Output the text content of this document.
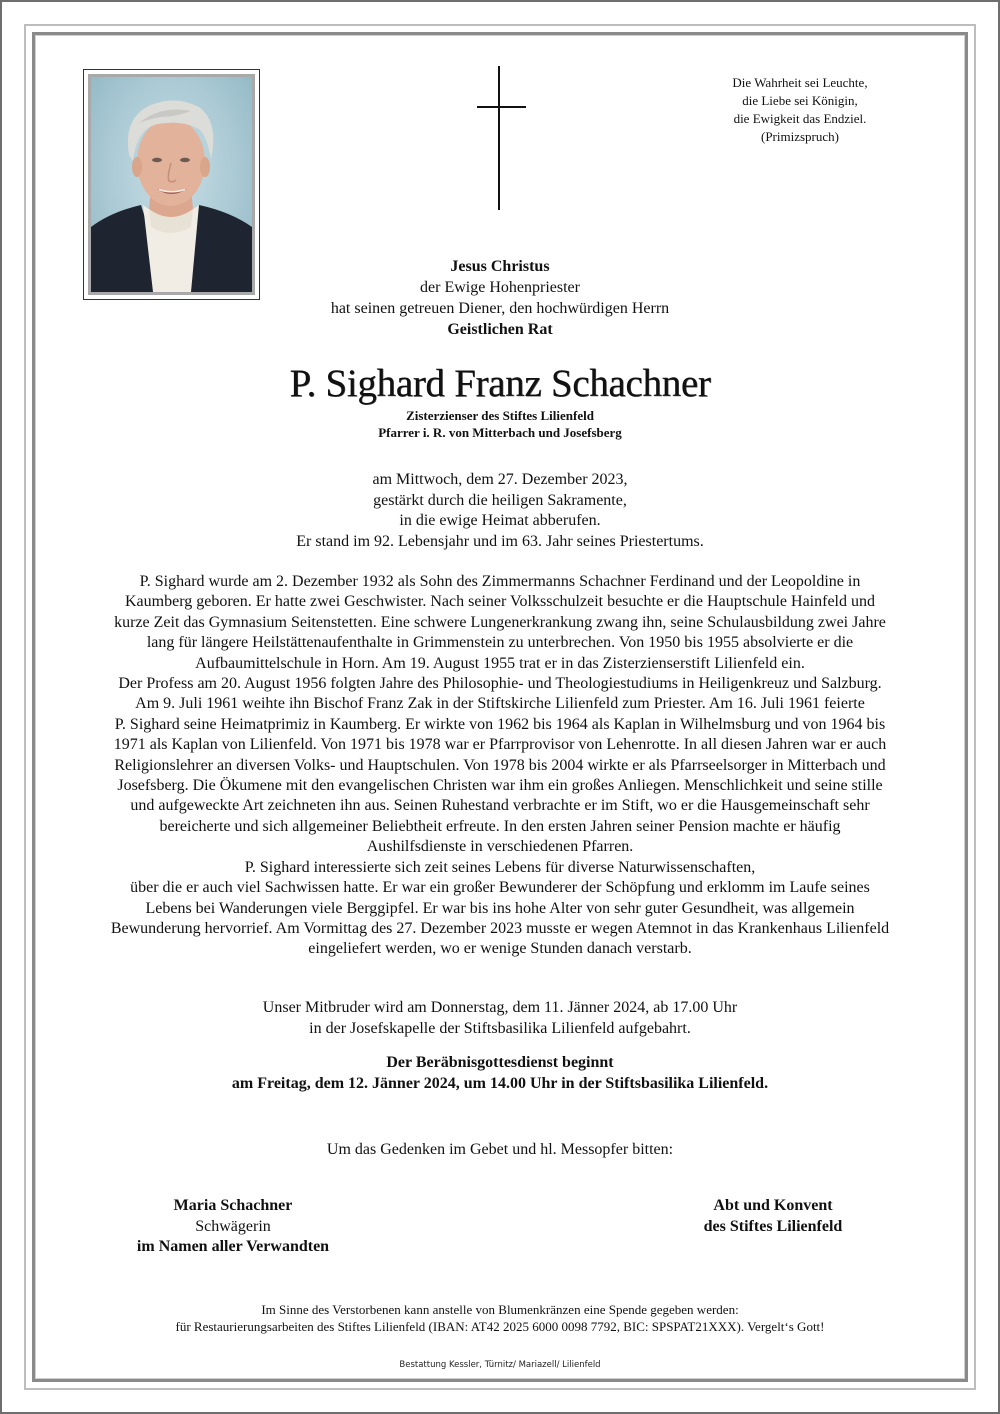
Die Wahrheit sei Leuchte,
die Liebe sei Königin,
die Ewigkeit das Endziel.
(Primizspruch)
Jesus Christus
der Ewige Hohenpriester
hat seinen getreuen Diener, den hochwürdigen Herrn
Geistlichen Rat
P. Sighard Franz Schachner
Zisterzienser des Stiftes Lilienfeld
Pfarrer i. R. von Mitterbach und Josefsberg
am Mittwoch, dem 27. Dezember 2023,
gestärkt durch die heiligen Sakramente,
in die ewige Heimat abberufen.
Er stand im 92. Lebensjahr und im 63. Jahr seines Priestertums.
P. Sighard wurde am 2. Dezember 1932 als Sohn des Zimmermanns Schachner Ferdinand und der Leopoldine in
Kaumberg geboren. Er hatte zwei Geschwister. Nach seiner Volksschulzeit besuchte er die Hauptschule Hainfeld und
kurze Zeit das Gymnasium Seitenstetten. Eine schwere Lungenerkrankung zwang ihn, seine Schulausbildung zwei Jahre
lang für längere Heilstättenaufenthalte in Grimmenstein zu unterbrechen. Von 1950 bis 1955 absolvierte er die
Aufbaumittelschule in Horn. Am 19. August 1955 trat er in das Zisterzienserstift Lilienfeld ein.
Der Profess am 20. August 1956 folgten Jahre des Philosophie- und Theologiestudiums in Heiligenkreuz und Salzburg.
Am 9. Juli 1961 weihte ihn Bischof Franz Zak in der Stiftskirche Lilienfeld zum Priester. Am 16. Juli 1961 feierte
P. Sighard seine Heimatprimiz in Kaumberg. Er wirkte von 1962 bis 1964 als Kaplan in Wilhelmsburg und von 1964 bis
1971 als Kaplan von Lilienfeld. Von 1971 bis 1978 war er Pfarrprovisor von Lehenrotte. In all diesen Jahren war er auch
Religionslehrer an diversen Volks- und Hauptschulen. Von 1978 bis 2004 wirkte er als Pfarrseelsorger in Mitterbach und
Josefsberg. Die Ökumene mit den evangelischen Christen war ihm ein großes Anliegen. Menschlichkeit und seine stille
und aufgeweckte Art zeichneten ihn aus. Seinen Ruhestand verbrachte er im Stift, wo er die Hausgemeinschaft sehr
bereicherte und sich allgemeiner Beliebtheit erfreute. In den ersten Jahren seiner Pension machte er häufig
Aushilfsdienste in verschiedenen Pfarren.
P. Sighard interessierte sich zeit seines Lebens für diverse Naturwissenschaften,
über die er auch viel Sachwissen hatte. Er war ein großer Bewunderer der Schöpfung und erklomm im Laufe seines
Lebens bei Wanderungen viele Berggipfel. Er war bis ins hohe Alter von sehr guter Gesundheit, was allgemein
Bewunderung hervorrief. Am Vormittag des 27. Dezember 2023 musste er wegen Atemnot in das Krankenhaus Lilienfeld
eingeliefert werden, wo er wenige Stunden danach verstarb.
Unser Mitbruder wird am Donnerstag, dem 11. Jänner 2024, ab 17.00 Uhr
in der Josefskapelle der Stiftsbasilika Lilienfeld aufgebahrt.
Der Beräbnisgottesdienst beginnt
am Freitag, dem 12. Jänner 2024, um 14.00 Uhr in der Stiftsbasilika Lilienfeld.
Um das Gedenken im Gebet und hl. Messopfer bitten:
Maria Schachner
Schwägerin
im Namen aller Verwandten
Abt und Konvent
des Stiftes Lilienfeld
Im Sinne des Verstorbenen kann anstelle von Blumenkränzen eine Spende gegeben werden:
für Restaurierungsarbeiten des Stiftes Lilienfeld (IBAN: AT42 2025 6000 0098 7792, BIC: SPSPAT21XXX). Vergelt‘s Gott!
Bestattung Kessler, Türnitz/ Mariazell/ Lilienfeld
